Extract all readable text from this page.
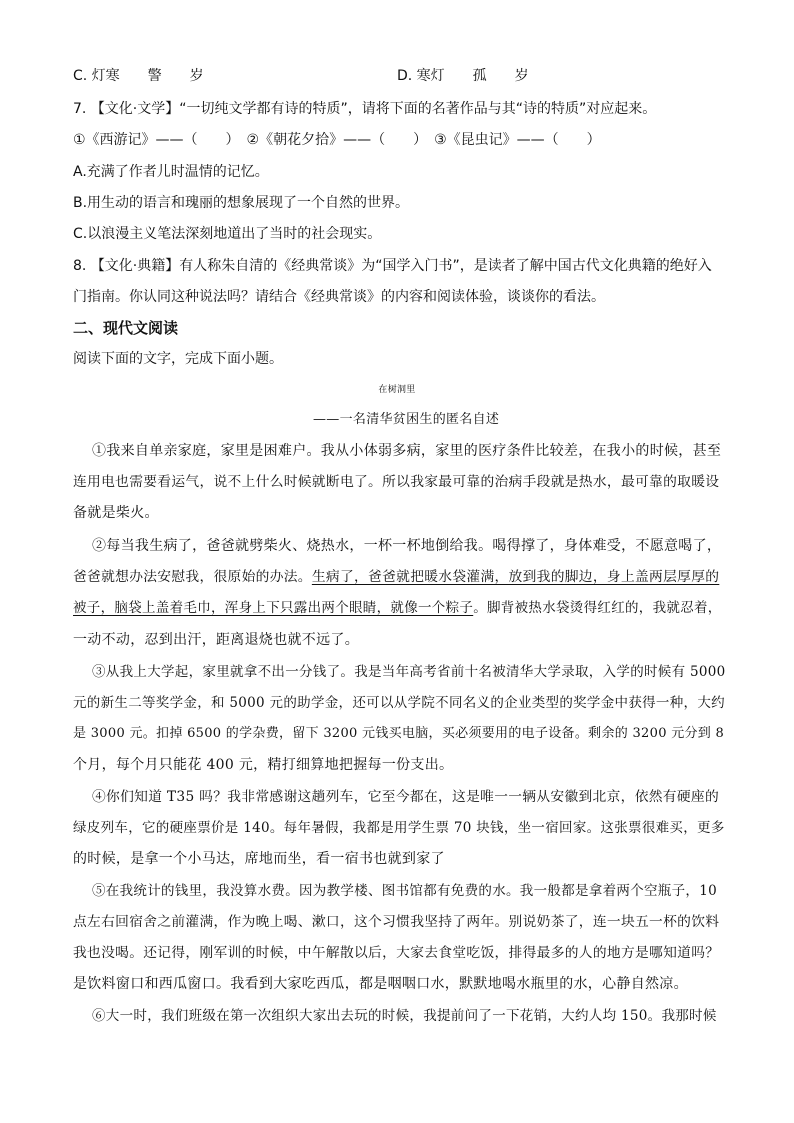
C. 灯寒　　警　　岁	D. 寒灯　　孤　　岁
7. 【文化·文学】“一切纯文学都有诗的特质”，请将下面的名著作品与其“诗的特质”对应起来。
①《西游记》——（　　）　②《朝花夕拾》——（　　）　③《昆虫记》——（　　）
A.充满了作者儿时温情的记忆。
B.用生动的语言和瑰丽的想象展现了一个自然的世界。
C.以浪漫主义笔法深刻地道出了当时的社会现实。
8. 【文化·典籍】有人称朱自清的《经典常谈》为“国学入门书”，是读者了解中国古代文化典籍的绝好入
门指南。你认同这种说法吗？请结合《经典常谈》的内容和阅读体验，谈谈你的看法。
二、现代文阅读
阅读下面的文字，完成下面小题。
在树洞里
——一名清华贫困生的匿名自述
①我来自单亲家庭，家里是困难户。我从小体弱多病，家里的医疗条件比较差，在我小的时候，甚至
连用电也需要看运气，说不上什么时候就断电了。所以我家最可靠的治病手段就是热水，最可靠的取暖设
备就是柴火。
②每当我生病了，爸爸就劈柴火、烧热水，一杯一杯地倒给我。喝得撑了，身体难受，不愿意喝了，
爸爸就想办法安慰我，很原始的办法。生病了，爸爸就把暖水袋灌满，放到我的脚边，身上盖两层厚厚的
被子，脑袋上盖着毛巾，浑身上下只露出两个眼睛，就像一个粽子。脚背被热水袋烫得红红的，我就忍着，
一动不动，忍到出汗，距离退烧也就不远了。
③从我上大学起，家里就拿不出一分钱了。我是当年高考省前十名被清华大学录取，入学的时候有 5000
元的新生二等奖学金，和 5000 元的助学金，还可以从学院不同名义的企业类型的奖学金中获得一种，大约
是 3000 元。扣掉 6500 的学杂费，留下 3200 元钱买电脑，买必须要用的电子设备。剩余的 3200 元分到 8
个月，每个月只能花 400 元，精打细算地把握每一份支出。
④你们知道 T35 吗？我非常感谢这趟列车，它至今都在，这是唯一一辆从安徽到北京，依然有硬座的
绿皮列车，它的硬座票价是 140。每年暑假，我都是用学生票 70 块钱，坐一宿回家。这张票很难买，更多
的时候，是拿一个小马达，席地而坐，看一宿书也就到家了
⑤在我统计的钱里，我没算水费。因为教学楼、图书馆都有免费的水。我一般都是拿着两个空瓶子，10
点左右回宿舍之前灌满，作为晚上喝、漱口，这个习惯我坚持了两年。别说奶茶了，连一块五一杯的饮料
我也没喝。还记得，刚军训的时候，中午解散以后，大家去食堂吃饭，排得最多的人的地方是哪知道吗？
是饮料窗口和西瓜窗口。我看到大家吃西瓜，都是咽咽口水，默默地喝水瓶里的水，心静自然凉。
⑥大一时，我们班级在第一次组织大家出去玩的时候，我提前问了一下花销，大约人均 150。我那时候
